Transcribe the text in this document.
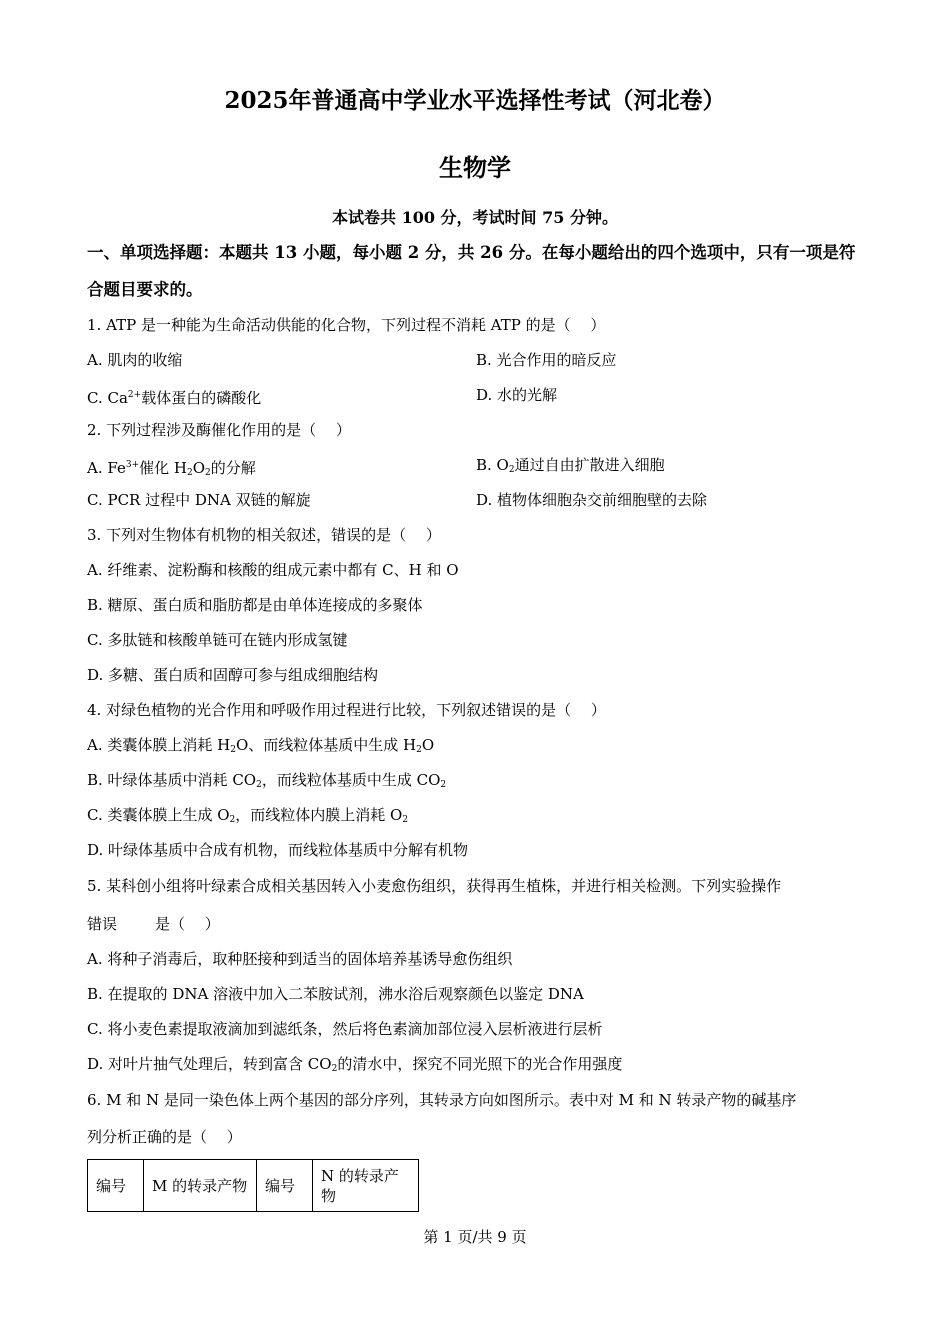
2025年普通高中学业水平选择性考试（河北卷）
生物学
本试卷共 100 分，考试时间 75 分钟。
一、单项选择题：本题共 13 小题，每小题 2 分，共 26 分。在每小题给出的四个选项中，只有一项是符合题目要求的。
1. ATP 是一种能为生命活动供能的化合物，下列过程不消耗 ATP 的是（　 ）
A. 肌肉的收缩	B. 光合作用的暗反应
C. $Ca^{2+}$载体蛋白的磷酸化	D. 水的光解
2. 下列过程涉及酶催化作用的是（　 ）
A. $Fe^{3+}$催化 $H_2O_2$的分解	B. $O_2$通过自由扩散进入细胞
C. PCR 过程中 DNA 双链的解旋	D. 植物体细胞杂交前细胞壁的去除
3. 下列对生物体有机物的相关叙述，错误的是（　 ）
A. 纤维素、淀粉酶和核酸的组成元素中都有 C、H 和 O
B. 糖原、蛋白质和脂肪都是由单体连接成的多聚体
C. 多肽链和核酸单链可在链内形成氢键
D. 多糖、蛋白质和固醇可参与组成细胞结构
4. 对绿色植物的光合作用和呼吸作用过程进行比较，下列叙述错误的是（　 ）
A. 类囊体膜上消耗 $H_2O$、而线粒体基质中生成 $H_2O$
B. 叶绿体基质中消耗 $CO_2$，而线粒体基质中生成 $CO_2$
C. 类囊体膜上生成 $O_2$，而线粒体内膜上消耗 $O_2$
D. 叶绿体基质中合成有机物，而线粒体基质中分解有机物
5. 某科创小组将叶绿素合成相关基因转入小麦愈伤组织，获得再生植株，并进行相关检测。下列实验操作
错误	是（　 ）
A. 将种子消毒后，取种胚接种到适当的固体培养基诱导愈伤组织
B. 在提取的 DNA 溶液中加入二苯胺试剂，沸水浴后观察颜色以鉴定 DNA
C. 将小麦色素提取液滴加到滤纸条，然后将色素滴加部位浸入层析液进行层析
D. 对叶片抽气处理后，转到富含 $CO_2$的清水中，探究不同光照下的光合作用强度
6. M 和 N 是同一染色体上两个基因的部分序列，其转录方向如图所示。表中对 M 和 N 转录产物的碱基序
列分析正确的是（　 ）
编号	M 的转录产物	编号	N 的转录产物
第 1 页/共 9 页
